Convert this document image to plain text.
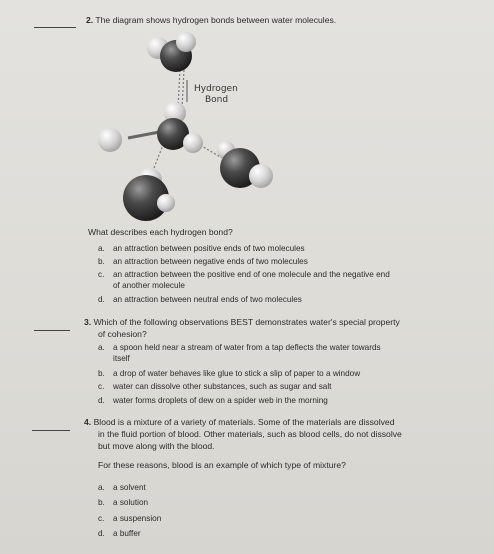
2. The diagram shows hydrogen bonds between water molecules.
Hydrogen
Bond
What describes each hydrogen bond?
a. an attraction between positive ends of two molecules
b. an attraction between negative ends of two molecules
c. an attraction between the positive end of one molecule and the negative end
of another molecule
d. an attraction between neutral ends of two molecules
3. Which of the following observations BEST demonstrates water's special property
of cohesion?
a. a spoon held near a stream of water from a tap deflects the water towards
itself
b. a drop of water behaves like glue to stick a slip of paper to a window
c. water can dissolve other substances, such as sugar and salt
d. water forms droplets of dew on a spider web in the morning
4. Blood is a mixture of a variety of materials. Some of the materials are dissolved
in the fluid portion of blood. Other materials, such as blood cells, do not dissolve
but move along with the blood.
For these reasons, blood is an example of which type of mixture?
a. a solvent
b. a solution
c. a suspension
d. a buffer
